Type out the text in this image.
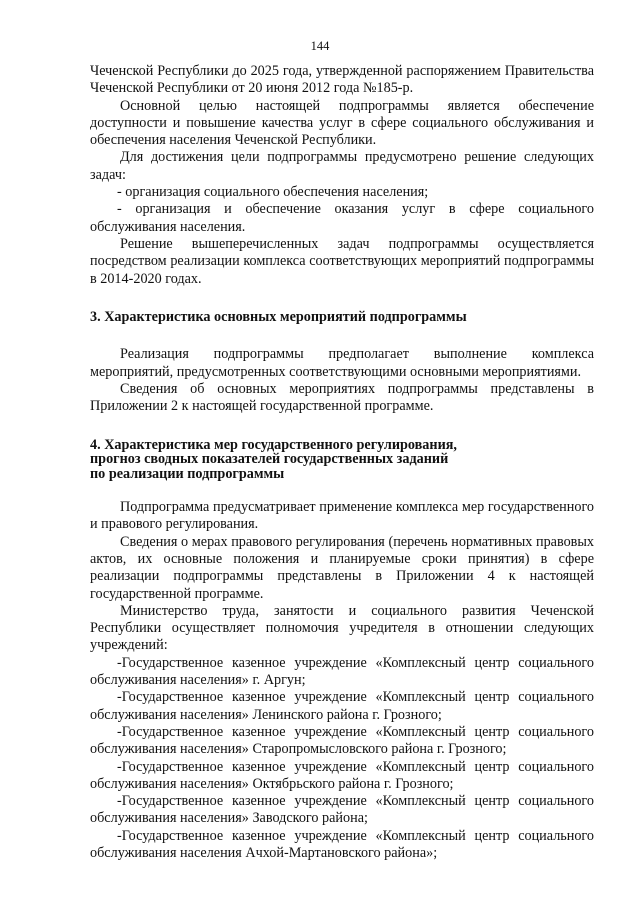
144

Чеченской Республики до 2025 года, утвержденной распоряжением Правительства Чеченской Республики от 20 июня 2012 года №185-р.

Основной целью настоящей подпрограммы является обеспечение доступности и повышение качества услуг в сфере социального обслуживания и обеспечения населения Чеченской Республики.

Для достижения цели подпрограммы предусмотрено решение следующих задач:

- организация социального обеспечения населения;

- организация и обеспечение оказания услуг в сфере социального обслуживания населения.

Решение вышеперечисленных задач подпрограммы осуществляется посредством реализации комплекса соответствующих мероприятий подпрограммы в 2014-2020 годах.

3. Характеристика основных мероприятий подпрограммы

Реализация подпрограммы предполагает выполнение комплекса мероприятий, предусмотренных соответствующими основными мероприятиями.

Сведения об основных мероприятиях подпрограммы представлены в Приложении 2 к настоящей государственной программе.

4. Характеристика мер государственного регулирования,

прогноз сводных показателей государственных заданий

по реализации подпрограммы

Подпрограмма предусматривает применение комплекса мер государственного и правового регулирования.

Сведения о мерах правового регулирования (перечень нормативных правовых актов, их основные положения и планируемые сроки принятия) в сфере реализации подпрограммы представлены в Приложении 4 к настоящей государственной программе.

Министерство труда, занятости и социального развития Чеченской Республики осуществляет полномочия учредителя в отношении следующих учреждений:

-Государственное казенное учреждение «Комплексный центр социального обслуживания населения» г. Аргун;

-Государственное казенное учреждение «Комплексный центр социального обслуживания населения» Ленинского района г. Грозного;

-Государственное казенное учреждение «Комплексный центр социального обслуживания населения» Старопромысловского района г. Грозного;

-Государственное казенное учреждение «Комплексный центр социального обслуживания населения» Октябрьского района г. Грозного;

-Государственное казенное учреждение «Комплексный центр социального обслуживания населения» Заводского района;

-Государственное казенное учреждение «Комплексный центр социального обслуживания населения Ачхой-Мартановского района»;
